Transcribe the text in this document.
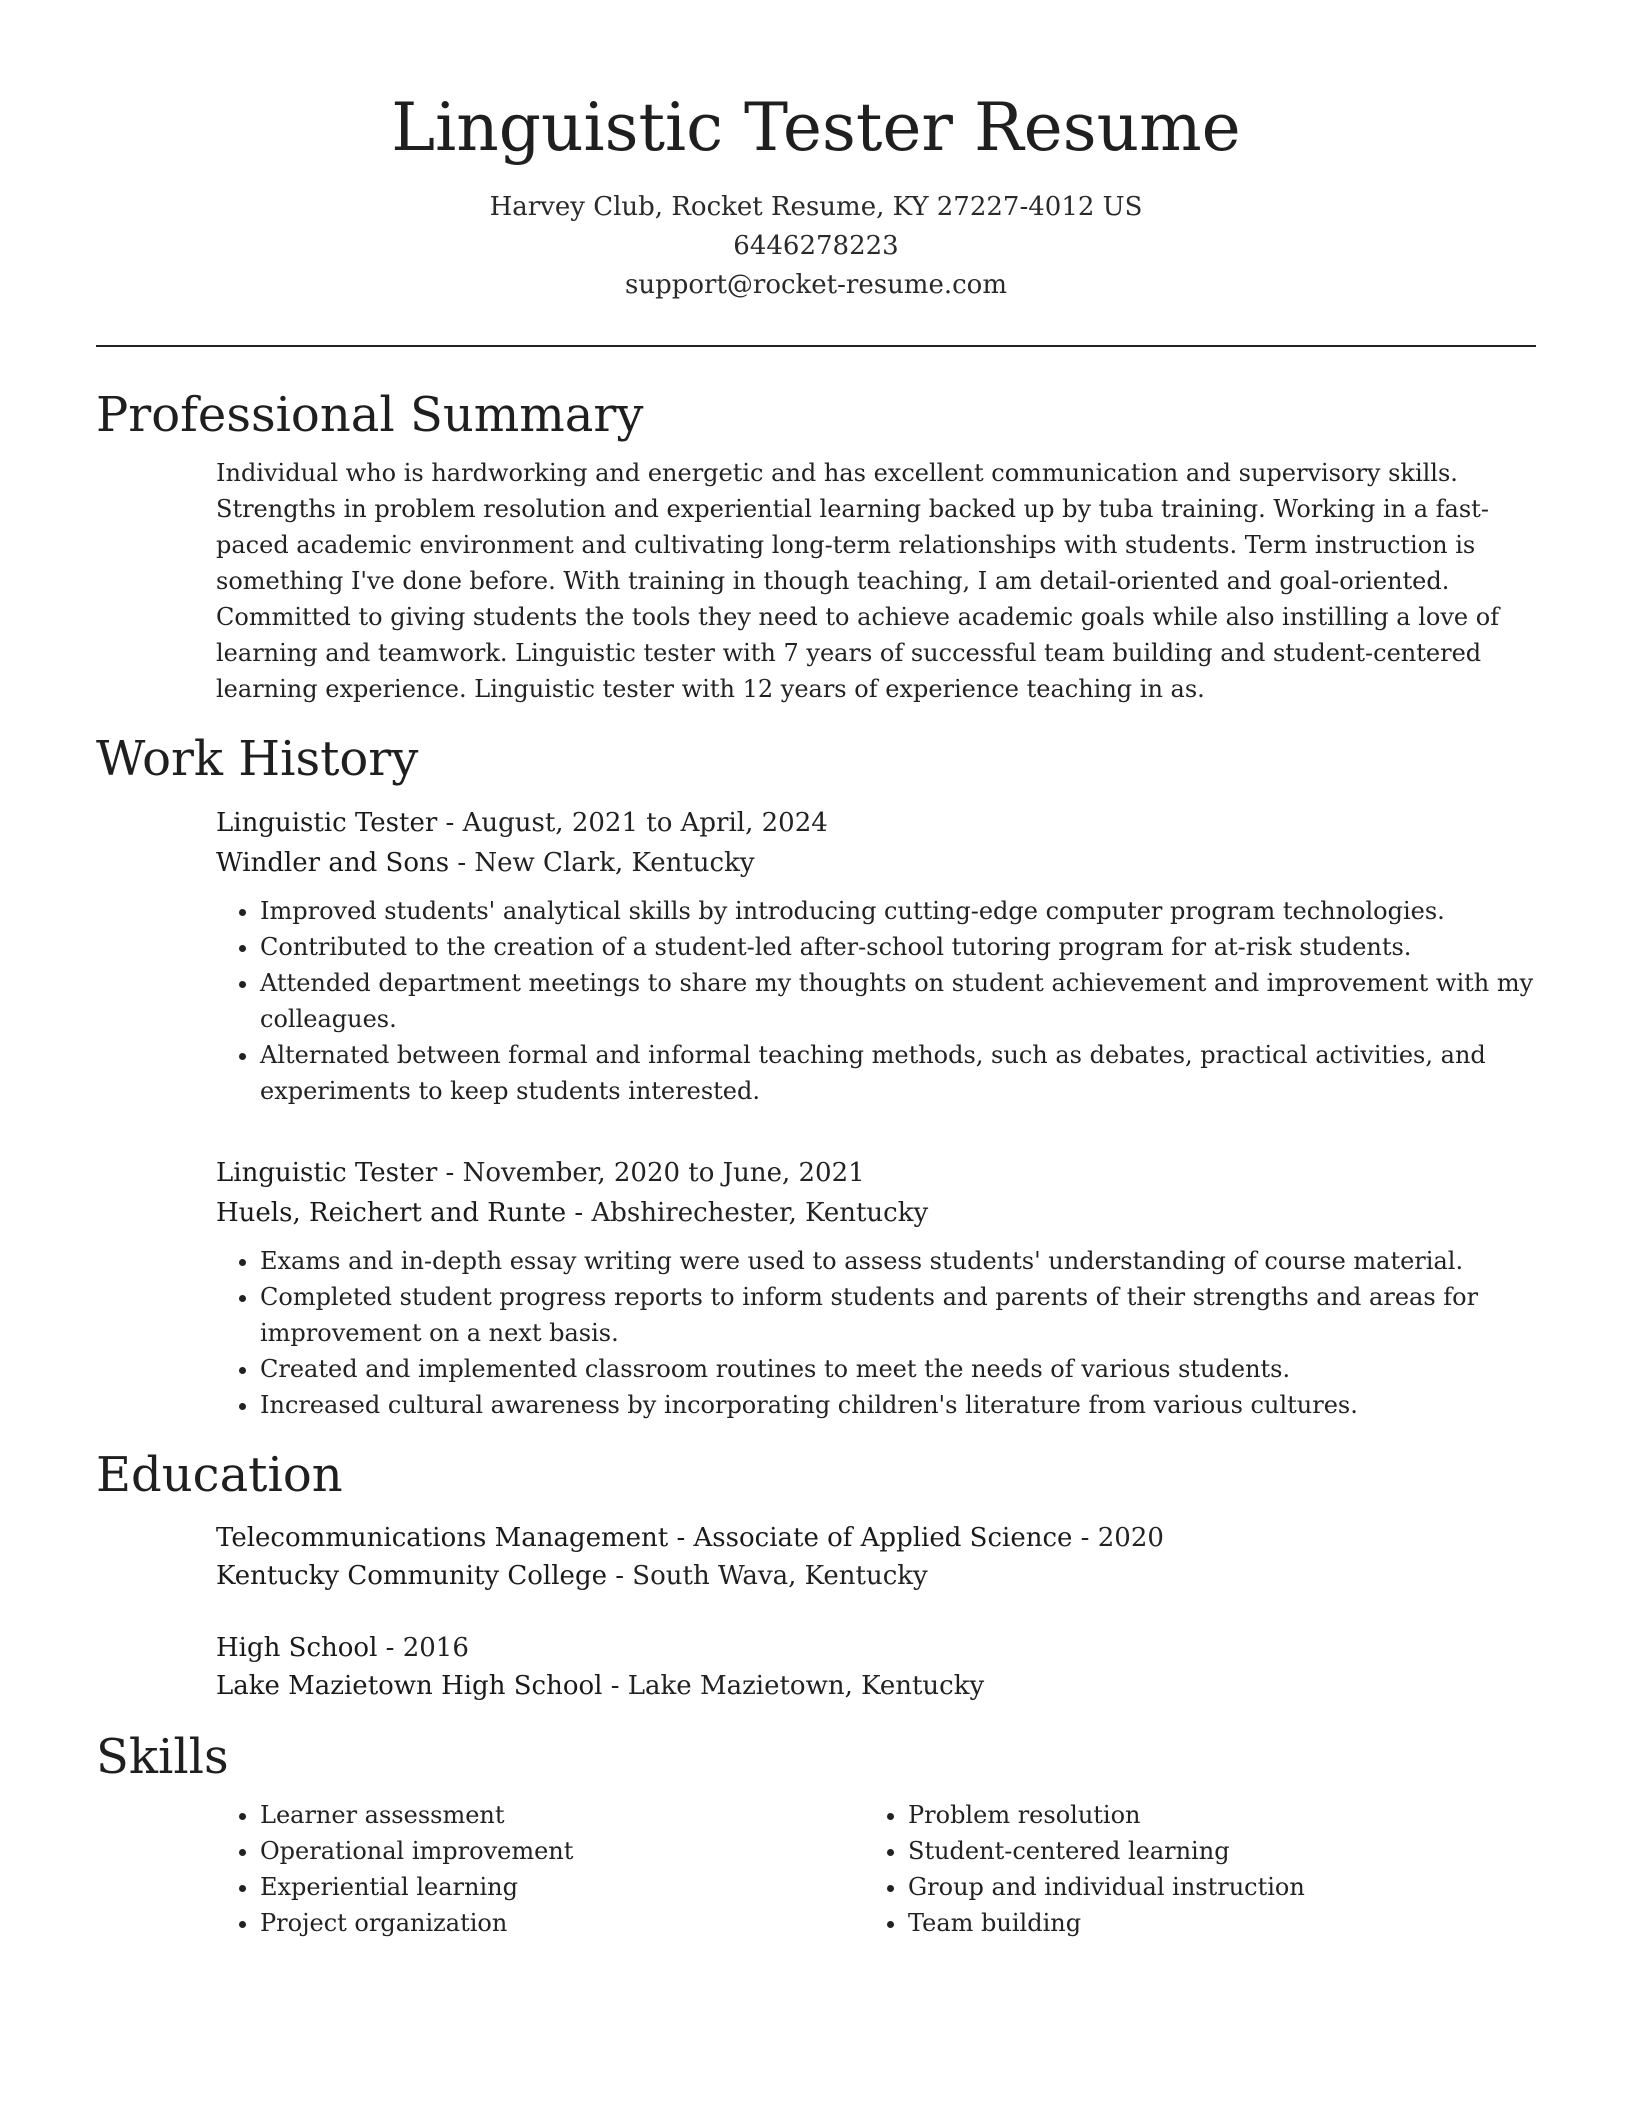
Linguistic Tester Resume
Harvey Club, Rocket Resume, KY 27227-4012 US
6446278223
support@rocket-resume.com
Professional Summary

Individual who is hardworking and energetic and has excellent communication and supervisory skills. Strengths in problem resolution and experiential learning backed up by tuba training. Working in a fast-paced academic environment and cultivating long-term relationships with students. Term instruction is something I've done before. With training in though teaching, I am detail-oriented and goal-oriented. Committed to giving students the tools they need to achieve academic goals while also instilling a love of learning and teamwork. Linguistic tester with 7 years of successful team building and student-centered learning experience. Linguistic tester with 12 years of experience teaching in as.

Work History
Linguistic Tester - August, 2021 to April, 2024
Windler and Sons - New Clark, Kentucky
• Improved students' analytical skills by introducing cutting-edge computer program technologies.
• Contributed to the creation of a student-led after-school tutoring program for at-risk students.
• Attended department meetings to share my thoughts on student achievement and improvement with my colleagues.
• Alternated between formal and informal teaching methods, such as debates, practical activities, and experiments to keep students interested.
Linguistic Tester - November, 2020 to June, 2021
Huels, Reichert and Runte - Abshirechester, Kentucky
• Exams and in-depth essay writing were used to assess students' understanding of course material.
• Completed student progress reports to inform students and parents of their strengths and areas for improvement on a next basis.
• Created and implemented classroom routines to meet the needs of various students.
• Increased cultural awareness by incorporating children's literature from various cultures.
Education
Telecommunications Management - Associate of Applied Science - 2020
Kentucky Community College - South Wava, Kentucky
High School - 2016
Lake Mazietown High School - Lake Mazietown, Kentucky
Skills
• Learner assessment
• Operational improvement
• Experiential learning
• Project organization
• Problem resolution
• Student-centered learning
• Group and individual instruction
• Team building
